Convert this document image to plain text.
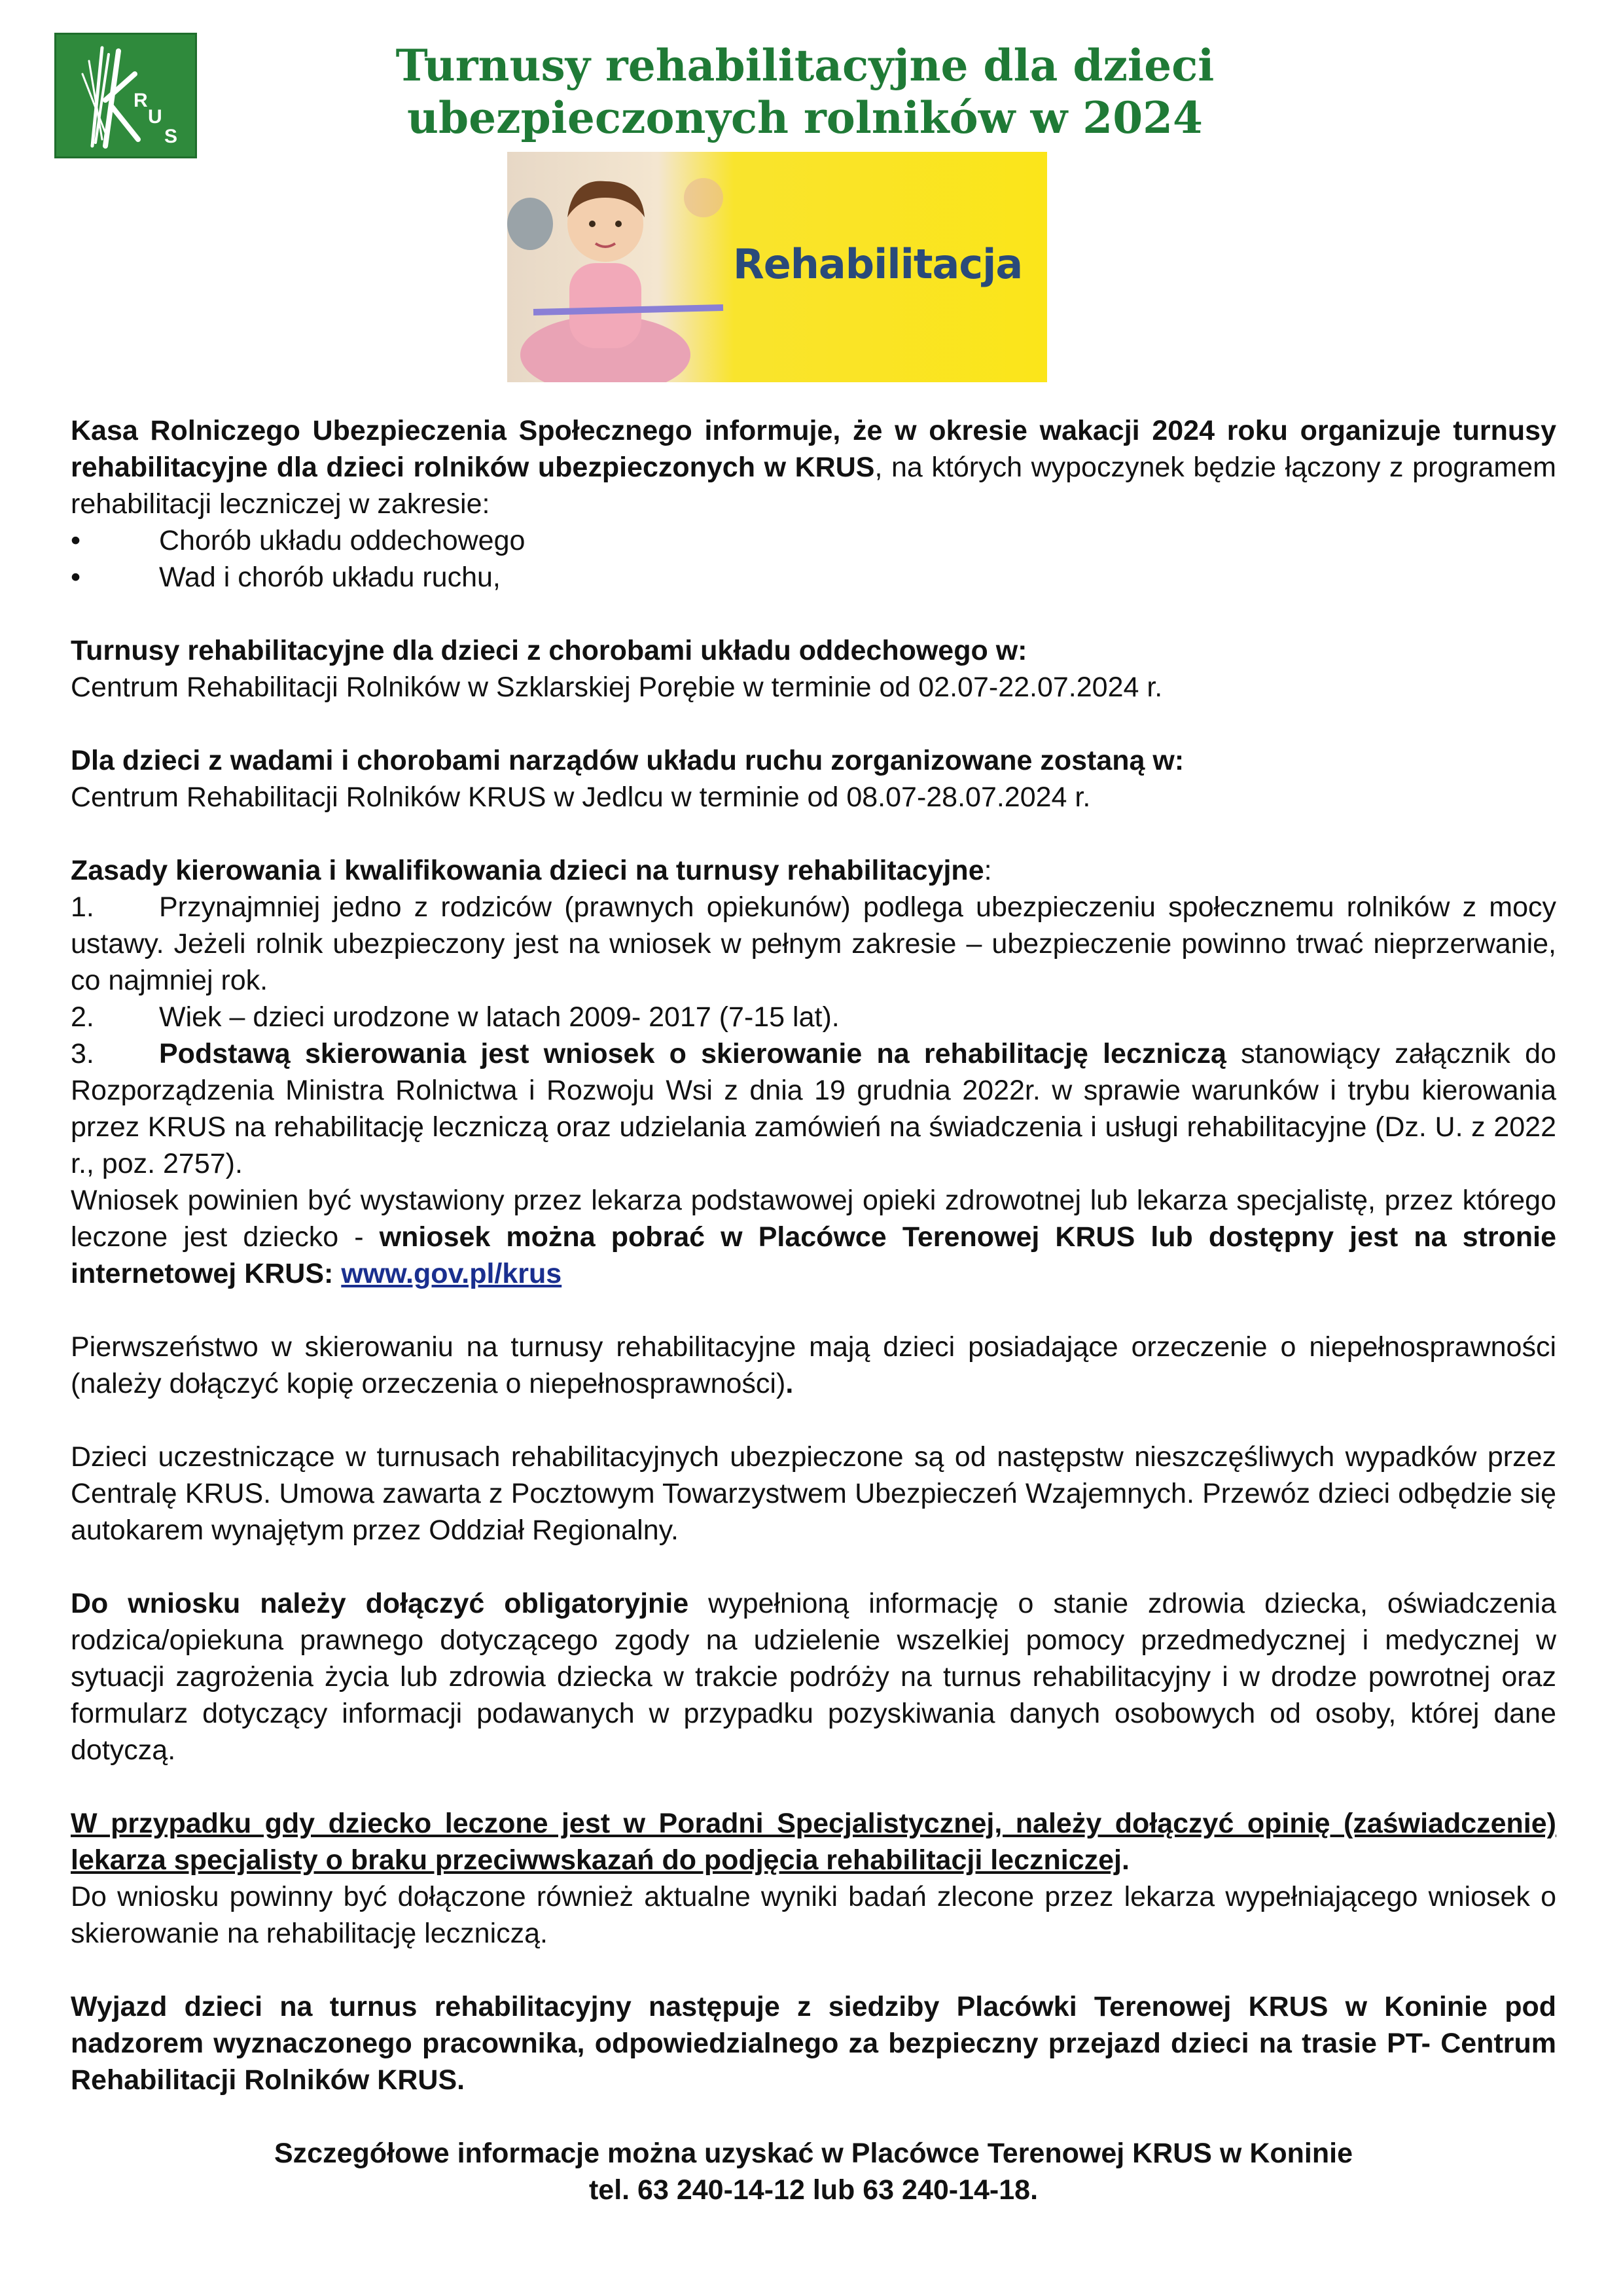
R
U
S
Turnusy rehabilitacyjne dla dzieci
ubezpieczonych rolników w 2024
Rehabilitacja

Kasa Rolniczego Ubezpieczenia Społecznego informuje, że w okresie wakacji 2024 roku organizuje turnusy rehabilitacyjne dla dzieci rolników ubezpieczonych w KRUS, na których wypoczynek będzie łączony z programem rehabilitacji leczniczej w zakresie:

•	Chorób układu oddechowego
•	Wad i chorób układu ruchu,

Turnusy rehabilitacyjne dla dzieci z chorobami układu oddechowego w:

Centrum Rehabilitacji Rolników w Szklarskiej Porębie w terminie od 02.07-22.07.2024 r.

Dla dzieci z wadami i chorobami narządów układu ruchu zorganizowane zostaną w:

Centrum Rehabilitacji Rolników KRUS w Jedlcu w terminie od 08.07-28.07.2024 r.

Zasady kierowania i kwalifikowania dzieci na turnusy rehabilitacyjne:

1. Przynajmniej jedno z rodziców (prawnych opiekunów) podlega ubezpieczeniu społecznemu rolników z mocy ustawy. Jeżeli rolnik ubezpieczony jest na wniosek w pełnym zakresie – ubezpieczenie powinno trwać nieprzerwanie, co najmniej rok.

2. Wiek – dzieci urodzone w latach 2009- 2017 (7-15 lat).

3. Podstawą skierowania jest wniosek o skierowanie na rehabilitację leczniczą stanowiący załącznik do Rozporządzenia Ministra Rolnictwa i Rozwoju Wsi z dnia 19 grudnia 2022r. w sprawie warunków i trybu kierowania przez KRUS na rehabilitację leczniczą oraz udzielania zamówień na świadczenia i usługi rehabilitacyjne (Dz. U. z 2022 r., poz. 2757).

Wniosek powinien być wystawiony przez lekarza podstawowej opieki zdrowotnej lub lekarza specjalistę, przez którego leczone jest dziecko - wniosek można pobrać w Placówce Terenowej KRUS lub dostępny jest na stronie internetowej KRUS: www.gov.pl/krus

Pierwszeństwo w skierowaniu na turnusy rehabilitacyjne mają dzieci posiadające orzeczenie o niepełnosprawności (należy dołączyć kopię orzeczenia o niepełnosprawności).

Dzieci uczestniczące w turnusach rehabilitacyjnych ubezpieczone są od następstw nieszczęśliwych wypadków przez Centralę KRUS. Umowa zawarta z Pocztowym Towarzystwem Ubezpieczeń Wzajemnych. Przewóz dzieci odbędzie się autokarem wynajętym przez Oddział Regionalny.

Do wniosku należy dołączyć obligatoryjnie wypełnioną informację o stanie zdrowia dziecka, oświadczenia rodzica/opiekuna prawnego dotyczącego zgody na udzielenie wszelkiej pomocy przedmedycznej i medycznej w sytuacji zagrożenia życia lub zdrowia dziecka w trakcie podróży na turnus rehabilitacyjny i w drodze powrotnej oraz formularz dotyczący informacji podawanych w przypadku pozyskiwania danych osobowych od osoby, której dane dotyczą.

W przypadku gdy dziecko leczone jest w Poradni Specjalistycznej, należy dołączyć opinię (zaświadczenie) lekarza specjalisty o braku przeciwwskazań do podjęcia rehabilitacji leczniczej.

Do wniosku powinny być dołączone również aktualne wyniki badań zlecone przez lekarza wypełniającego wniosek o skierowanie na rehabilitację leczniczą.

Wyjazd dzieci na turnus rehabilitacyjny następuje z siedziby Placówki Terenowej KRUS w Koninie pod nadzorem wyznaczonego pracownika, odpowiedzialnego za bezpieczny przejazd dzieci na trasie PT- Centrum Rehabilitacji Rolników KRUS.

Szczegółowe informacje można uzyskać w Placówce Terenowej KRUS w Koninie

tel. 63 240-14-12 lub 63 240-14-18.
